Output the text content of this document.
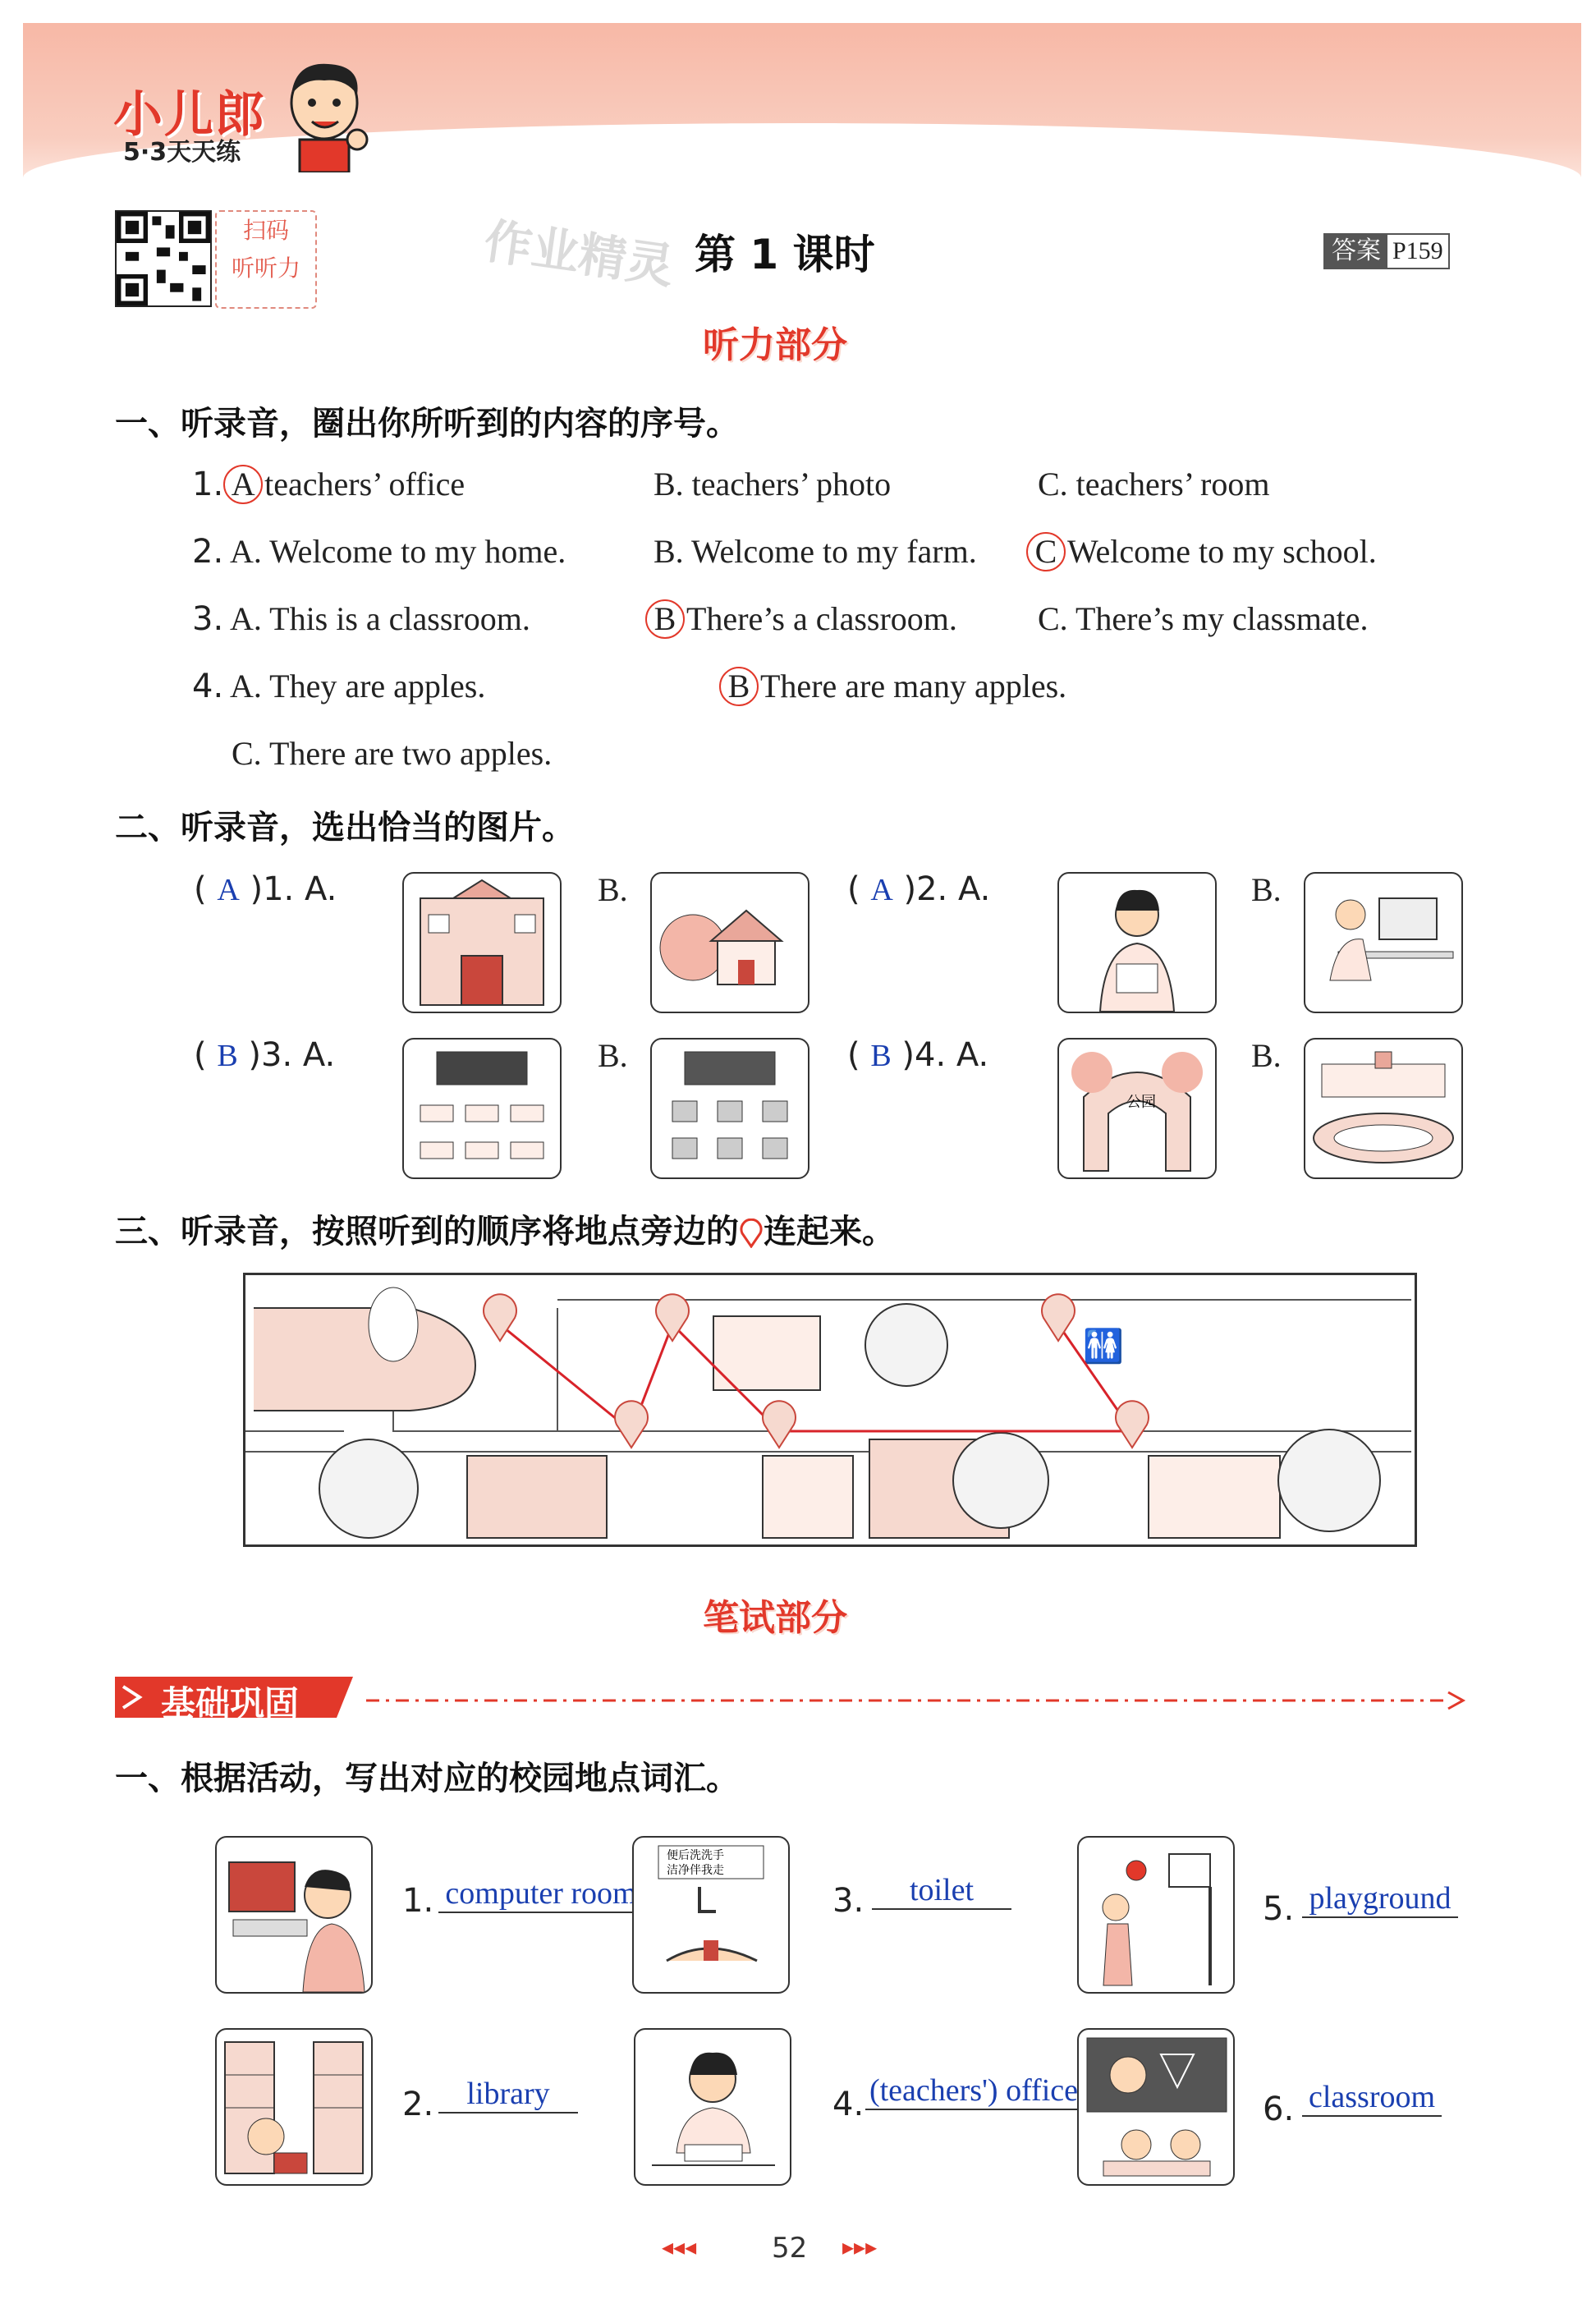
小儿郎
5·3天天练
扫码
听听力	作业精灵 第 1 课时	答案 P159
听力部分
一、听录音，圈出你所听到的内容的序号。
1. A teachers’ office	B. teachers’ photo	C. teachers’ room
2. A. Welcome to my home.	B. Welcome to my farm. C Welcome to my school.
3. A. This is a classroom.	B There’s a classroom. C. There’s my classmate.
4. A. They are apples.	B There are many apples.
C. There are two apples.
二、听录音，选出恰当的图片。
( A )1. A.	B.	( A )2. A.	B.
( B )3. A.	B.	( B )4. A.
公园
B.
三、听录音，按照听到的顺序将地点旁边的 连起来。
🚻
笔试部分
基础巩固
一、根据活动，写出对应的校园地点词汇。
1. computer room
便后洗洗手
洁净伴我走
3.	toilet	5. playground
2.	library	4. (teachers') office	6. classroom
◂◂◂	52 ▸▸▸
